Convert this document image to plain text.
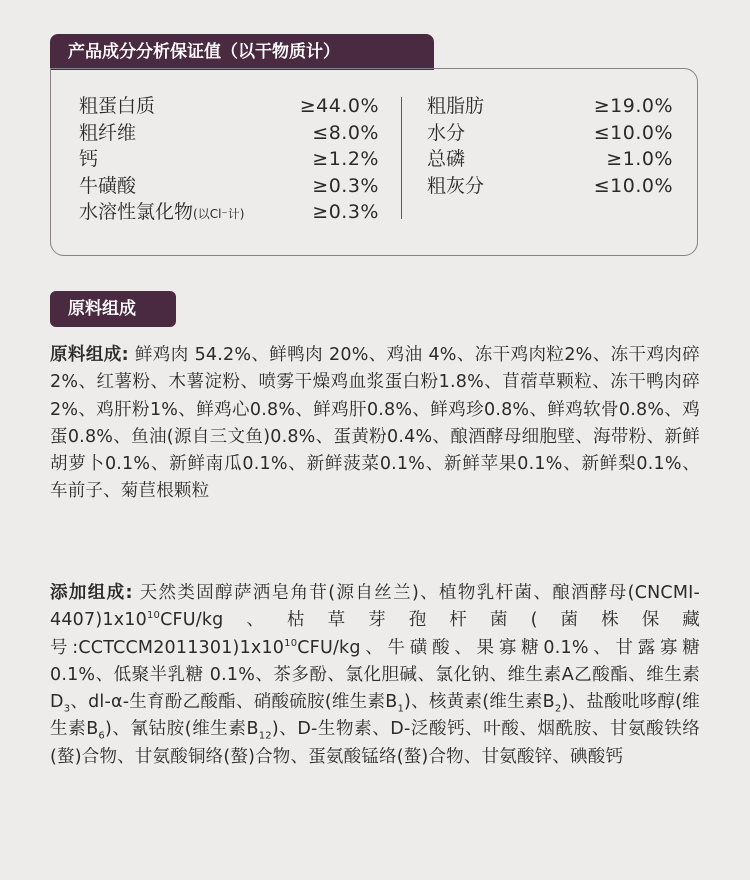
产品成分分析保证值（以干物质计）
粗蛋白质	≥44.0%
粗纤维	≤8.0%
钙	≥1.2%
牛磺酸	≥0.3%
水溶性氯化物(以Cl⁻计)	≥0.3%
粗脂肪	≥19.0%
水分	≤10.0%
总磷	≥1.0%
粗灰分	≤10.0%
原料组成

原料组成: 鲜鸡肉 54.2%、鲜鸭肉 20%、鸡油 4%、冻干鸡肉粒2%、冻干鸡肉碎2%、红薯粉、木薯淀粉、喷雾干燥鸡血浆蛋白粉1.8%、苜蓿草颗粒、冻干鸭肉碎2%、鸡肝粉1%、鲜鸡心0.8%、鲜鸡肝0.8%、鲜鸡珍0.8%、鲜鸡软骨0.8%、鸡蛋0.8%、鱼油(源自三文鱼)0.8%、蛋黄粉0.4%、酿酒酵母细胞壁、海带粉、新鲜胡萝卜0.1%、新鲜南瓜0.1%、新鲜菠菜0.1%、新鲜苹果0.1%、新鲜梨0.1%、车前子、菊苣根颗粒

添加组成: 天然类固醇萨洒皂角苷(源自丝兰)、植物乳杆菌、酿酒酵母$(CNCMI-4407)1x10^{10}CFU/kg$、枯草芽孢杆菌(菌株保藏号$:CCTCCM2011301)1x10^{10}CFU/kg$、牛磺酸、果寡糖0.1%、甘露寡糖 0.1%、低聚半乳糖 0.1%、茶多酚、氯化胆碱、氯化钠、维生素A乙酸酯、维生素 $D_3$、dl-α-生育酚乙酸酯、硝酸硫胺(维生素$B_1$)、核黄素(维生素$B_2$)、盐酸吡哆醇(维生素$B_6$)、氰钴胺(维生素$B_{12}$)、D-生物素、D-泛酸钙、叶酸、烟酰胺、甘氨酸铁络(螯)合物、甘氨酸铜络(螯)合物、蛋氨酸锰络(螯)合物、甘氨酸锌、碘酸钙
